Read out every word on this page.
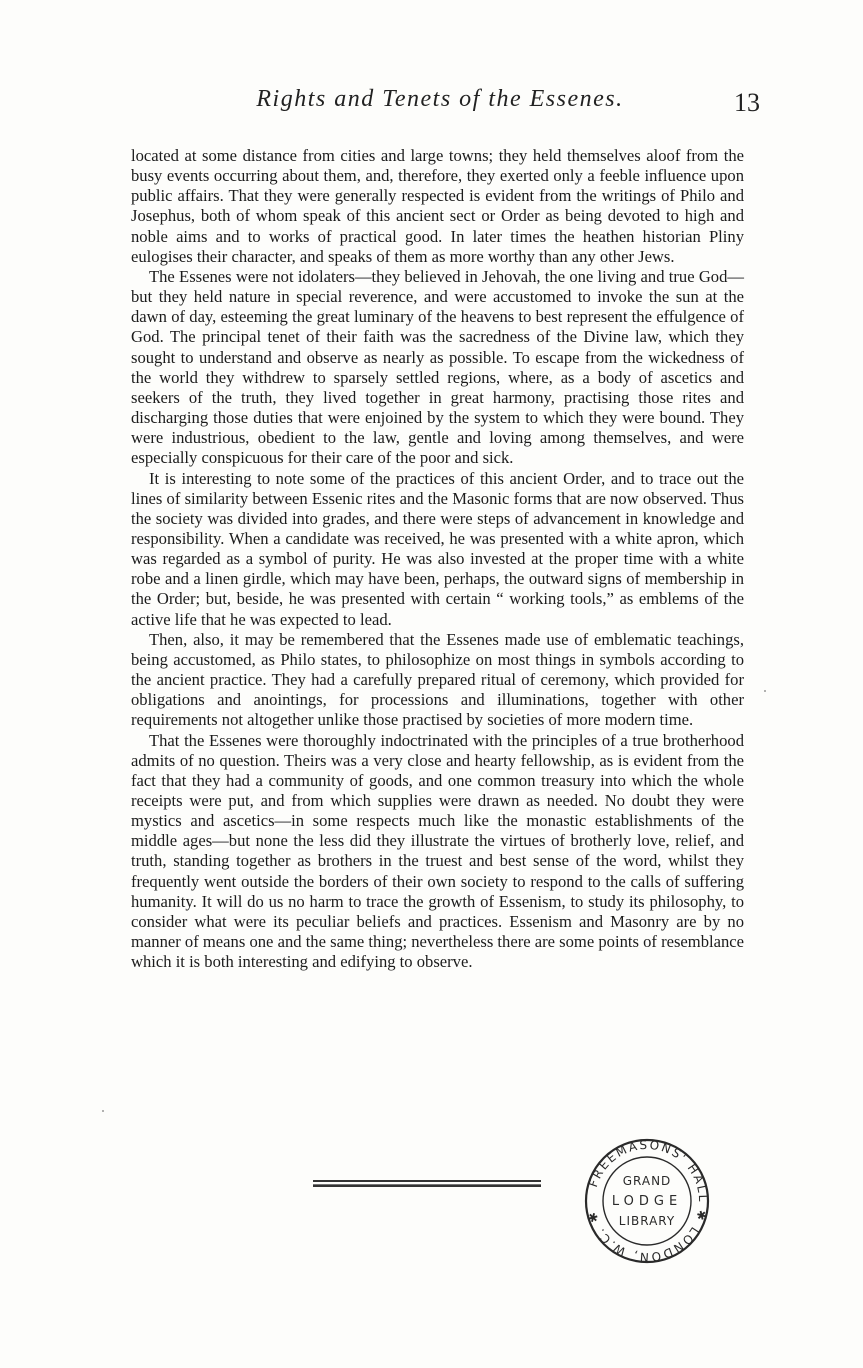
Rights and Tenets of the Essenes.	13

located at some distance from cities and large towns; they held themselves aloof from the busy events occurring about them, and, therefore, they exerted only a feeble influence upon public affairs. That they were generally respected is evident from the writings of Philo and Josephus, both of whom speak of this ancient sect or Order as being devoted to high and noble aims and to works of practical good. In later times the heathen historian Pliny eulogises their character, and speaks of them as more worthy than any other Jews.

The Essenes were not idolaters—they believed in Jehovah, the one living and true God—but they held nature in special reverence, and were accustomed to invoke the sun at the dawn of day, esteeming the great luminary of the heavens to best represent the effulgence of God. The principal tenet of their faith was the sacredness of the Divine law, which they sought to understand and observe as nearly as possible. To escape from the wickedness of the world they withdrew to sparsely settled regions, where, as a body of ascetics and seekers of the truth, they lived together in great harmony, practising those rites and discharging those duties that were enjoined by the system to which they were bound. They were industrious, obedient to the law, gentle and loving among themselves, and were especially conspicuous for their care of the poor and sick.

It is interesting to note some of the practices of this ancient Order, and to trace out the lines of similarity between Essenic rites and the Masonic forms that are now observed. Thus the society was divided into grades, and there were steps of advancement in knowledge and responsibility. When a candidate was received, he was presented with a white apron, which was regarded as a symbol of purity. He was also invested at the proper time with a white robe and a linen girdle, which may have been, perhaps, the outward signs of membership in the Order; but, beside, he was presented with certain “ working tools,” as emblems of the active life that he was expected to lead.

Then, also, it may be remembered that the Essenes made use of emblematic teachings, being accustomed, as Philo states, to philosophize on most things in symbols according to the ancient practice. They had a carefully prepared ritual of ceremony, which provided for obligations and anointings, for processions and illuminations, together with other requirements not altogether unlike those practised by societies of more modern time.

That the Essenes were thoroughly indoctrinated with the principles of a true brotherhood admits of no question. Theirs was a very close and hearty fellowship, as is evident from the fact that they had a community of goods, and one common treasury into which the whole receipts were put, and from which supplies were drawn as needed. No doubt they were mystics and ascetics—in some respects much like the monastic establishments of the middle ages—but none the less did they illustrate the virtues of brotherly love, relief, and truth, standing together as brothers in the truest and best sense of the word, whilst they frequently went outside the borders of their own society to respond to the calls of suffering humanity. It will do us no harm to trace the growth of Essenism, to study its philosophy, to consider what were its peculiar beliefs and practices. Essenism and Masonry are by no manner of means one and the same thing; nevertheless there are some points of resemblance which it is both interesting and edifying to observe.

FREEMASONS' HALL ✱ LONDON, W.C. ✱
GRAND
LODGE
LIBRARY
